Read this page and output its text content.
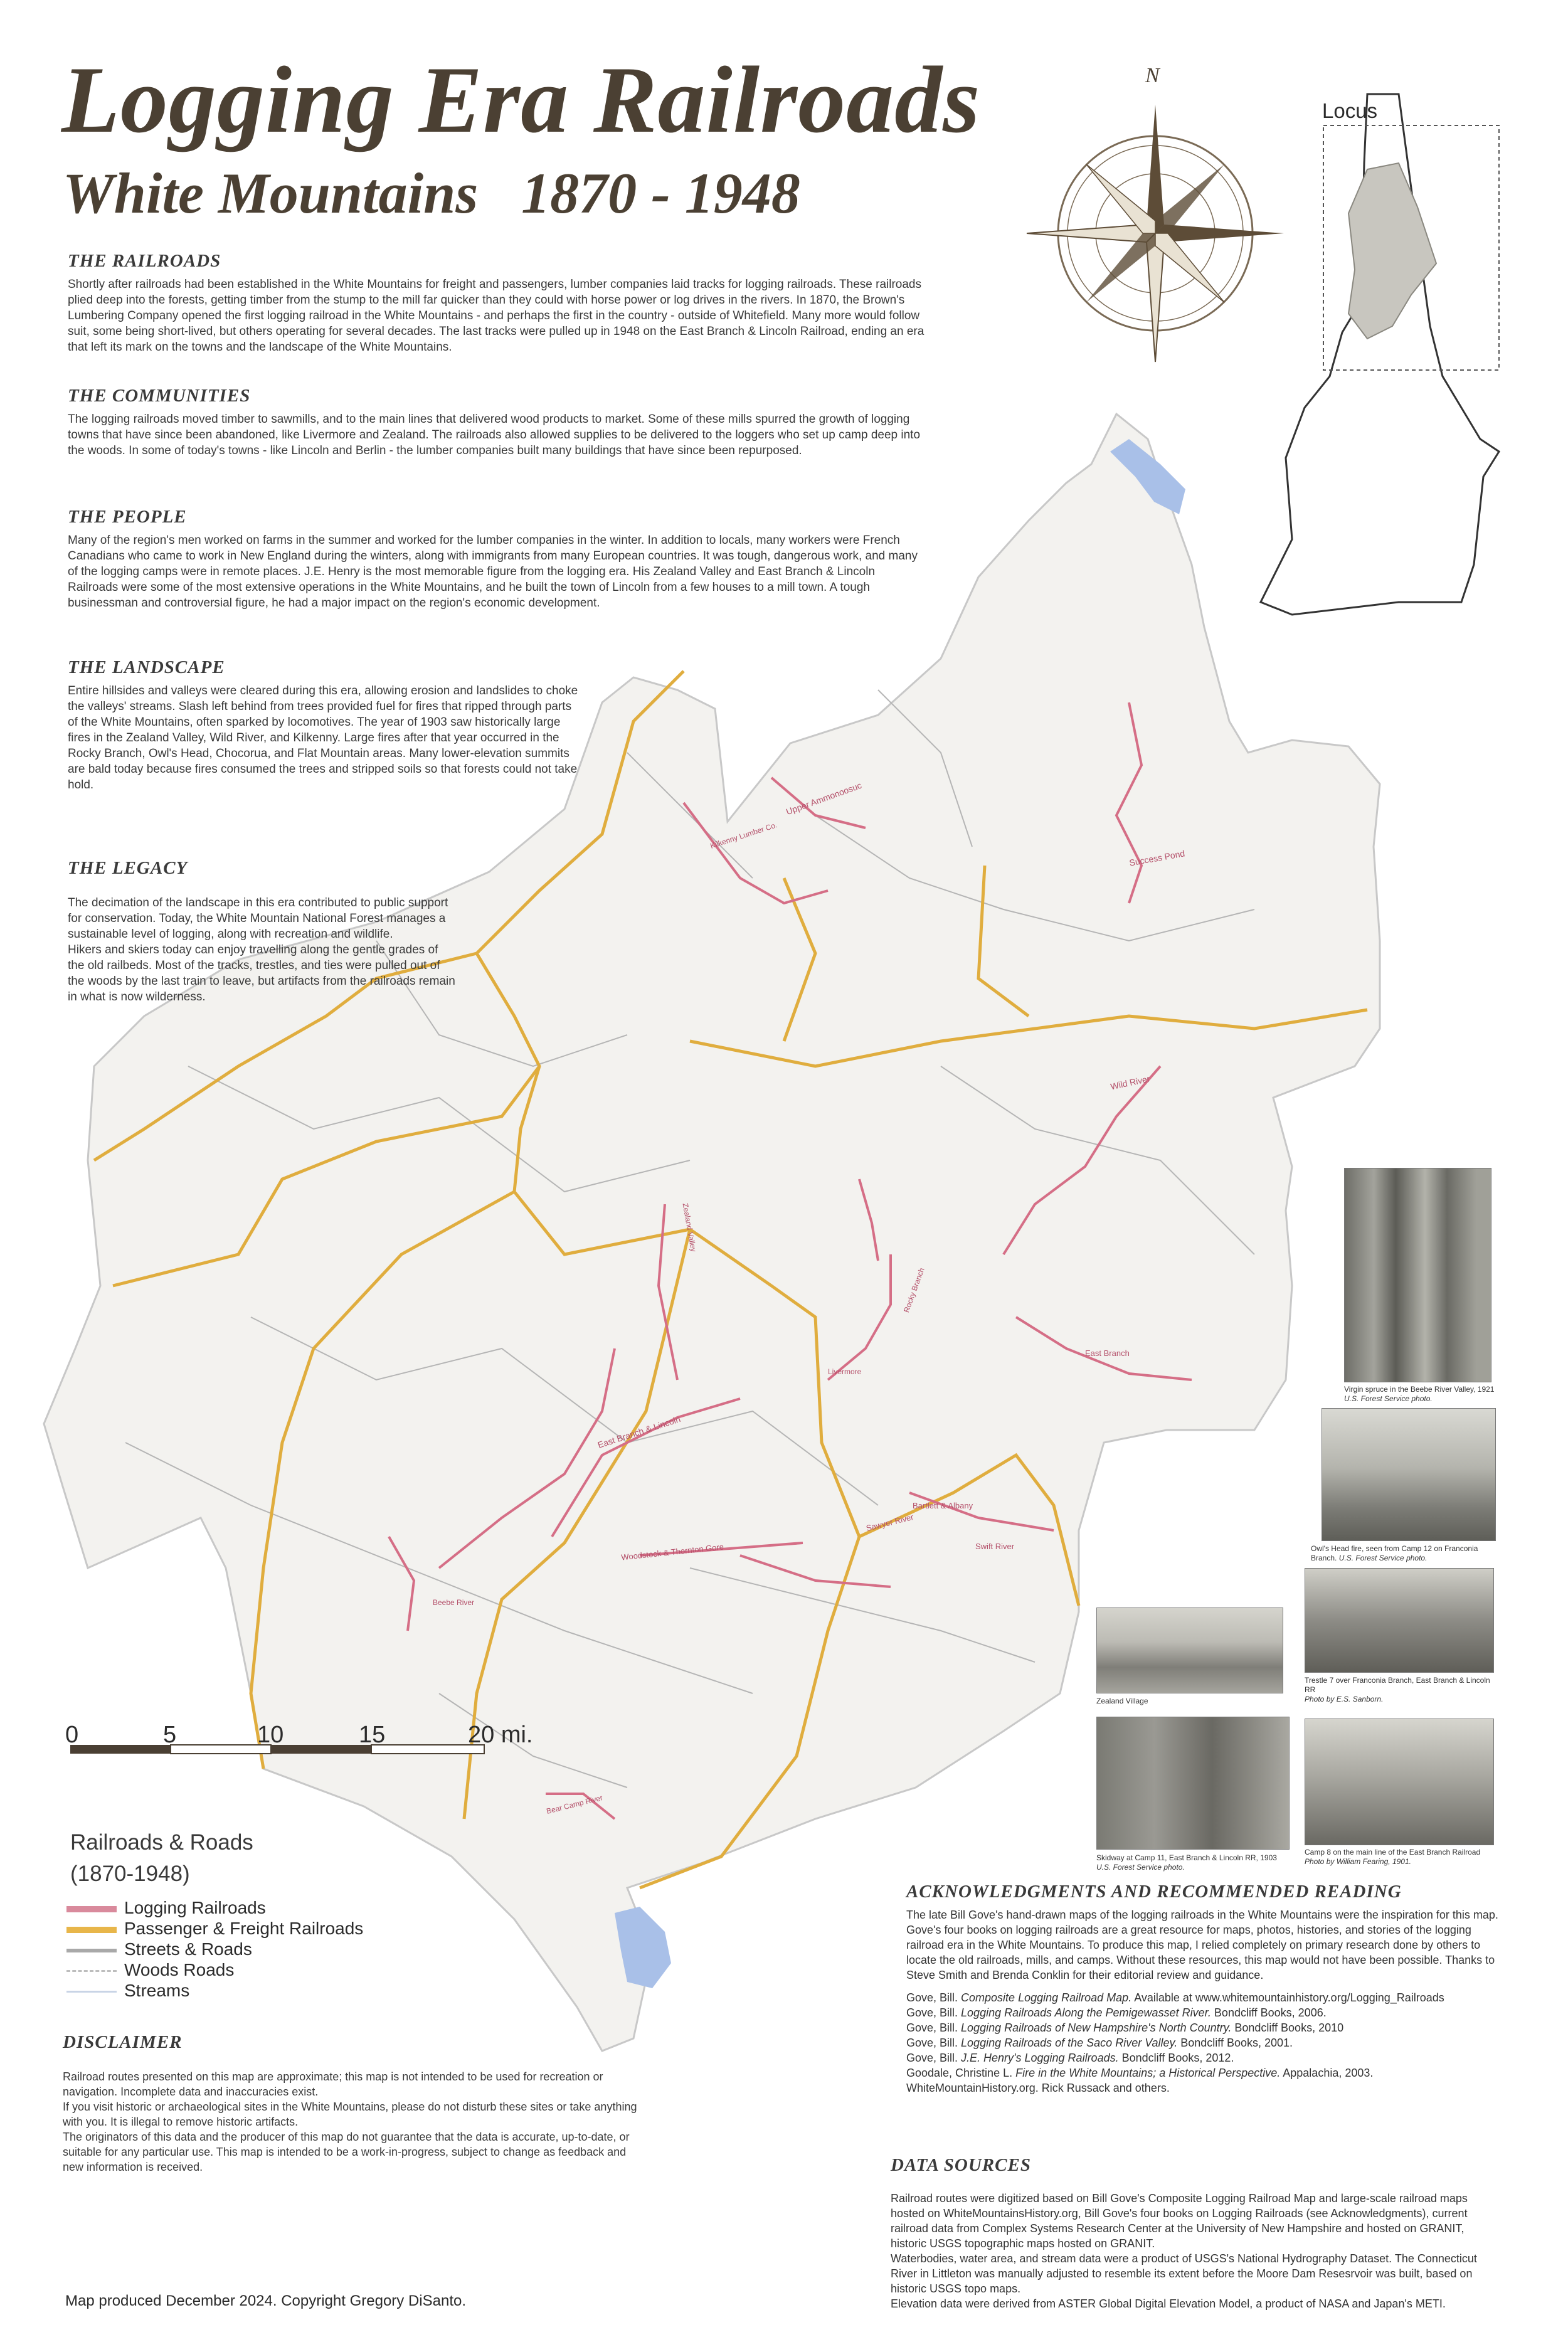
Logging Era Railroads
White Mountains   1870 - 1948
N
Locus
THE RAILROADS
Shortly after railroads had been established in the White Mountains for freight and passengers, lumber companies laid tracks for logging railroads. These railroads plied deep into the forests, getting timber from the stump to the mill far quicker than they could with horse power or log drives in the rivers. In 1870, the Brown's Lumbering Company opened the first logging railroad in the White Mountains - and perhaps the first in the country - outside of Whitefield. Many more would follow suit, some being short-lived, but others operating for several decades. The last tracks were pulled up in 1948 on the East Branch & Lincoln Railroad, ending an era that left its mark on the towns and the landscape of the White Mountains.
THE COMMUNITIES
The logging railroads moved timber to sawmills, and to the main lines that delivered wood products to market. Some of these mills spurred the growth of logging towns that have since been abandoned, like Livermore and Zealand. The railroads also allowed supplies to be delivered to the loggers who set up camp deep into the woods. In some of today's towns - like Lincoln and Berlin - the lumber companies built many buildings that have since been repurposed.
THE PEOPLE
Many of the region's men worked on farms in the summer and worked for the lumber companies in the winter. In addition to locals, many workers were French Canadians who came to work in New England during the winters, along with immigrants from many European countries. It was tough, dangerous work, and many of the logging camps were in remote places. J.E. Henry is the most memorable figure from the logging era. His Zealand Valley and East Branch & Lincoln Railroads were some of the most extensive operations in the White Mountains, and he built the town of Lincoln from a few houses to a mill town. A tough businessman and controversial figure, he had a major impact on the region's economic development.
THE LANDSCAPE
Entire hillsides and valleys were cleared during this era, allowing erosion and landslides to choke the valleys' streams. Slash left behind from trees provided fuel for fires that ripped through parts of the White Mountains, often sparked by locomotives. The year of 1903 saw historically large fires in the Zealand Valley, Wild River, and Kilkenny. Large fires after that year occurred in the Rocky Branch, Owl's Head, Chocorua, and Flat Mountain areas. Many lower-elevation summits are bald today because fires consumed the trees and stripped soils so that forests could not take hold.

THE LEGACY

The decimation of the landscape in this era contributed to public support for conservation. Today, the White Mountain National Forest manages a sustainable level of logging, along with recreation and wildlife.
Hikers and skiers today can enjoy travelling along the gentle grades of the old railbeds. Most of the tracks, trestles, and ties were pulled out of the woods by the last train to leave, but artifacts from the railroads remain in what is now wilderness.

Upper Ammonoosuc
Kilkenny Lumber Co.
Success Pond
Wild River
East Branch & Lincoln
Sawyer River
Bartlett & Albany
Swift River
Woodstock & Thornton Gore
Bear Camp River
East Branch
Rocky Branch
Zealand Valley
Beebe River
Livermore
Virgin spruce in the Beebe River Valley, 1921
U.S. Forest Service photo.
Owl's Head fire, seen from Camp 12 on Franconia Branch. U.S. Forest Service photo.
Zealand Village
Trestle 7 over Franconia Branch, East Branch & Lincoln RR
Photo by E.S. Sanborn.
Skidway at Camp 11, East Branch & Lincoln RR, 1903
U.S. Forest Service photo.
Camp 8 on the main line of the East Branch Railroad
Photo by William Fearing, 1901.
Railroads & Roads
(1870-1948)
Logging Railroads
Passenger & Freight Railroads
Streets & Roads
Woods Roads
Streams

DISCLAIMER

Railroad routes presented on this map are approximate; this map is not intended to be used for recreation or navigation. Incomplete data and inaccuracies exist.
If you visit historic or archaeological sites in the White Mountains, please do not disturb these sites or take anything with you. It is illegal to remove historic artifacts.
The originators of this data and the producer of this map do not guarantee that the data is accurate, up-to-date, or suitable for any particular use. This map is intended to be a work-in-progress, subject to change as feedback and new information is received.

0	5	10	15	20 mi.
Map produced December 2024. Copyright Gregory DiSanto.
ACKNOWLEDGMENTS AND RECOMMENDED READING
The late Bill Gove's hand-drawn maps of the logging railroads in the White Mountains were the inspiration for this map. Gove's four books on logging railroads are a great resource for maps, photos, histories, and stories of the logging railroad era in the White Mountains. To produce this map, I relied completely on primary research done by others to locate the old railroads, mills, and camps. Without these resources, this map would not have been possible. Thanks to Steve Smith and Brenda Conklin for their editorial review and guidance.
Gove, Bill. Composite Logging Railroad Map. Available at www.whitemountainhistory.org/Logging_Railroads
Gove, Bill. Logging Railroads Along the Pemigewasset River. Bondcliff Books, 2006.
Gove, Bill. Logging Railroads of New Hampshire's North Country. Bondcliff Books, 2010
Gove, Bill. Logging Railroads of the Saco River Valley. Bondcliff Books, 2001.
Gove, Bill. J.E. Henry's Logging Railroads. Bondcliff Books, 2012.
Goodale, Christine L. Fire in the White Mountains; a Historical Perspective. Appalachia, 2003.
WhiteMountainHistory.org. Rick Russack and others.

DATA SOURCES

Railroad routes were digitized based on Bill Gove's Composite Logging Railroad Map and large-scale railroad maps hosted on WhiteMountainsHistory.org, Bill Gove's four books on Logging Railroads (see Acknowledgments), current railroad data from Complex Systems Research Center at the University of New Hampshire and hosted on GRANIT, historic USGS topographic maps hosted on GRANIT.
Waterbodies, water area, and stream data were a product of USGS's National Hydrography Dataset. The Connecticut River in Littleton was manually adjusted to resemble its extent before the Moore Dam Resesrvoir was built, based on historic USGS topo maps.
Elevation data were derived from ASTER Global Digital Elevation Model, a product of NASA and Japan's METI.
